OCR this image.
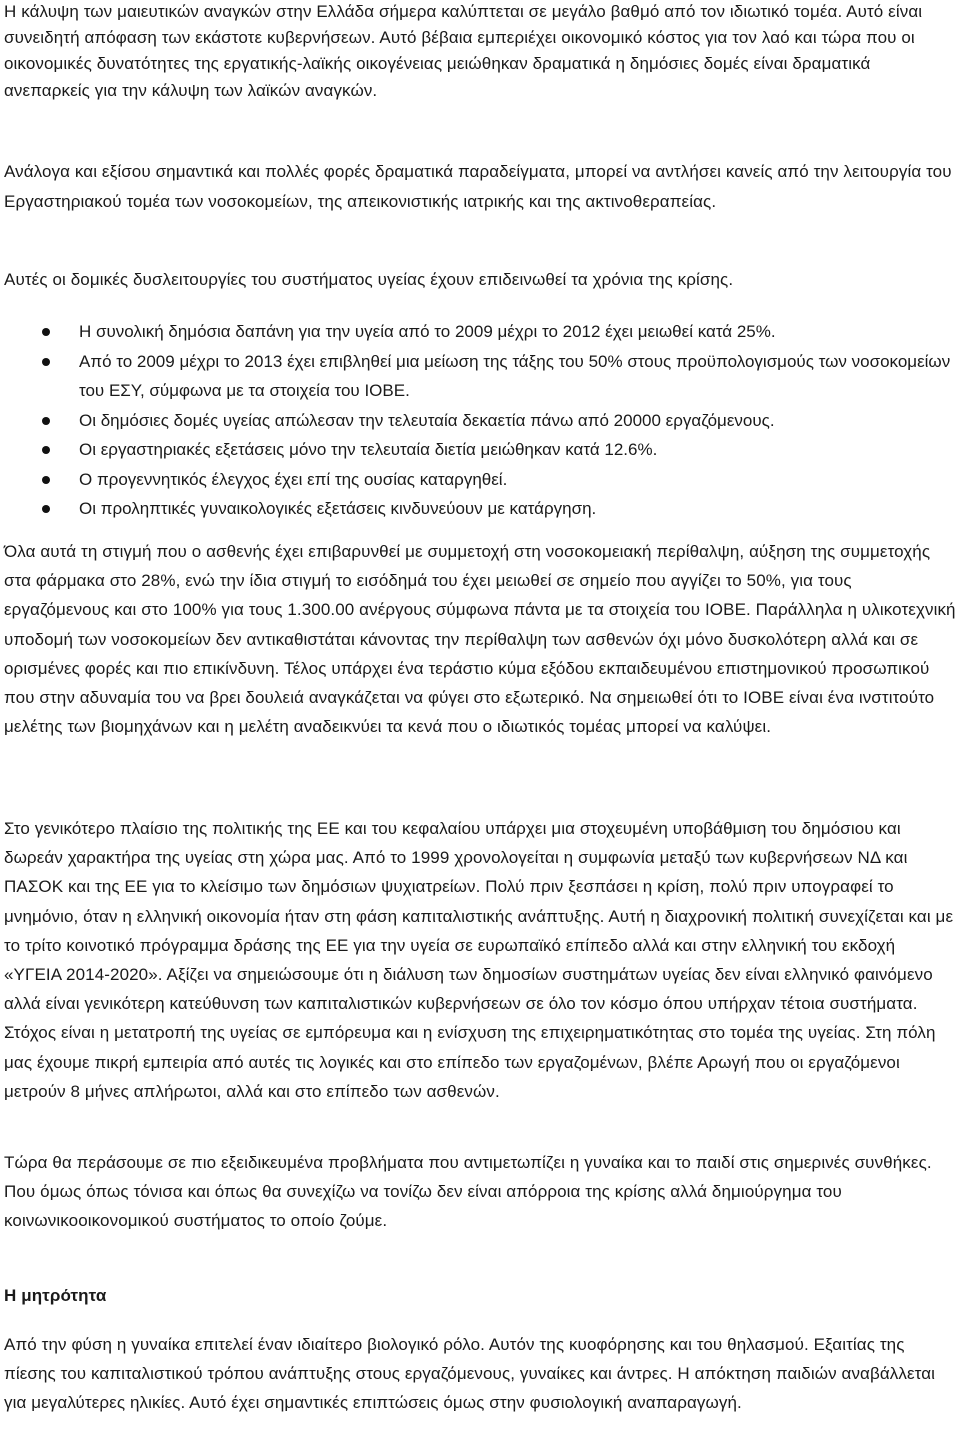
Η κάλυψη των μαιευτικών αναγκών στην Ελλάδα σήμερα καλύπτεται σε μεγάλο βαθμό από τον ιδιωτικό τομέα. Αυτό είναι συνειδητή απόφαση των εκάστοτε κυβερνήσεων. Αυτό βέβαια εμπεριέχει οικονομικό κόστος για τον λαό και τώρα που οι οικονομικές δυνατότητες της εργατικής-λαϊκής οικογένειας μειώθηκαν δραματικά η δημόσιες δομές είναι δραματικά ανεπαρκείς για την κάλυψη των λαϊκών αναγκών.

Ανάλογα και εξίσου σημαντικά και πολλές φορές δραματικά παραδείγματα, μπορεί να αντλήσει κανείς από την λειτουργία του Εργαστηριακού τομέα των νοσοκομείων, της απεικονιστικής ιατρικής και της ακτινοθεραπείας.

Αυτές οι δομικές δυσλειτουργίες του συστήματος υγείας έχουν επιδεινωθεί τα χρόνια της κρίσης.

Η συνολική δημόσια δαπάνη για την υγεία από το 2009 μέχρι το 2012 έχει μειωθεί κατά 25%.
Από το 2009 μέχρι το 2013 έχει επιβληθεί μια μείωση της τάξης του 50% στους προϋπολογισμούς των νοσοκομείων του ΕΣΥ, σύμφωνα με τα στοιχεία του ΙΟΒΕ.
Οι δημόσιες δομές υγείας απώλεσαν την τελευταία δεκαετία πάνω από 20000 εργαζόμενους.
Οι εργαστηριακές εξετάσεις μόνο την τελευταία διετία μειώθηκαν κατά 12.6%.
Ο προγεννητικός έλεγχος έχει επί της ουσίας καταργηθεί.
Οι προληπτικές γυναικολογικές εξετάσεις κινδυνεύουν με κατάργηση.

Όλα αυτά τη στιγμή που ο ασθενής έχει επιβαρυνθεί με συμμετοχή στη νοσοκομειακή περίθαλψη, αύξηση της συμμετοχής στα φάρμακα στο 28%, ενώ την ίδια στιγμή το εισόδημά του έχει μειωθεί σε σημείο που αγγίζει το 50%, για τους εργαζόμενους και στο 100% για τους 1.300.00 ανέργους σύμφωνα πάντα με τα στοιχεία του ΙΟΒΕ. Παράλληλα η υλικοτεχνική υποδομή των νοσοκομείων δεν αντικαθιστάται κάνοντας την περίθαλψη των ασθενών όχι μόνο δυσκολότερη αλλά και σε ορισμένες φορές και πιο επικίνδυνη. Τέλος υπάρχει ένα τεράστιο κύμα εξόδου εκπαιδευμένου επιστημονικού προσωπικού που στην αδυναμία του να βρει δουλειά αναγκάζεται να φύγει στο εξωτερικό. Να σημειωθεί ότι το ΙΟΒΕ είναι ένα ινστιτούτο μελέτης των βιομηχάνων και η μελέτη αναδεικνύει τα κενά που ο ιδιωτικός τομέας μπορεί να καλύψει.

Στο γενικότερο πλαίσιο της πολιτικής της ΕΕ και του κεφαλαίου υπάρχει μια στοχευμένη υποβάθμιση του δημόσιου και δωρεάν χαρακτήρα της υγείας στη χώρα μας. Από το 1999 χρονολογείται η συμφωνία μεταξύ των κυβερνήσεων ΝΔ και ΠΑΣΟΚ και της ΕΕ για το κλείσιμο των δημόσιων ψυχιατρείων. Πολύ πριν ξεσπάσει η κρίση, πολύ πριν υπογραφεί το μνημόνιο, όταν η ελληνική οικονομία ήταν στη φάση καπιταλιστικής ανάπτυξης. Αυτή η διαχρονική πολιτική συνεχίζεται και με το τρίτο κοινοτικό πρόγραμμα δράσης της ΕΕ για την υγεία σε ευρωπαϊκό επίπεδο αλλά και στην ελληνική του εκδοχή «ΥΓΕΙΑ 2014-2020». Αξίζει να σημειώσουμε ότι η διάλυση των δημοσίων συστημάτων υγείας δεν είναι ελληνικό φαινόμενο αλλά είναι γενικότερη κατεύθυνση των καπιταλιστικών κυβερνήσεων σε όλο τον κόσμο όπου υπήρχαν τέτοια συστήματα. Στόχος είναι η μετατροπή της υγείας σε εμπόρευμα και η ενίσχυση της επιχειρηματικότητας στο τομέα της υγείας. Στη πόλη μας έχουμε πικρή εμπειρία από αυτές τις λογικές και στο επίπεδο των εργαζομένων, βλέπε Αρωγή που οι εργαζόμενοι μετρούν 8 μήνες απλήρωτοι, αλλά και στο επίπεδο των ασθενών.

Τώρα θα περάσουμε σε πιο εξειδικευμένα προβλήματα που αντιμετωπίζει η γυναίκα και το παιδί στις σημερινές συνθήκες. Που όμως όπως τόνισα και όπως θα συνεχίζω να τονίζω δεν είναι απόρροια της κρίσης αλλά δημιούργημα του κοινωνικοοικονομικού συστήματος το οποίο ζούμε.

Η μητρότητα

Από την φύση η γυναίκα επιτελεί έναν ιδιαίτερο βιολογικό ρόλο. Αυτόν της κυοφόρησης και του θηλασμού. Εξαιτίας της πίεσης του καπιταλιστικού τρόπου ανάπτυξης στους εργαζόμενους, γυναίκες και άντρες. Η απόκτηση παιδιών αναβάλλεται για μεγαλύτερες ηλικίες. Αυτό έχει σημαντικές επιπτώσεις όμως στην φυσιολογική αναπαραγωγή.
